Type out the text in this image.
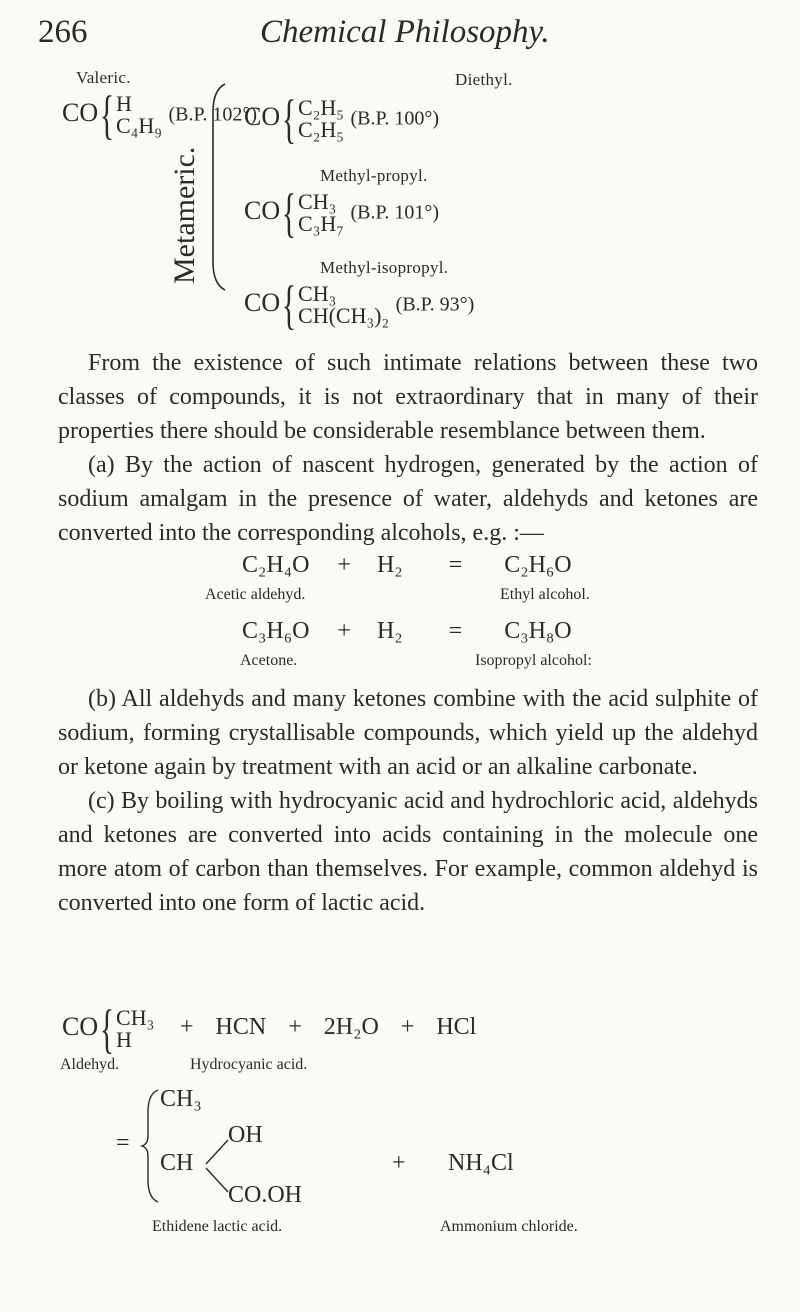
266	Chemical Philosophy.
Valeric.
CO{ H
C₄H₉ (B.P. 102°)
Metameric.
Diethyl.
CO{ C₂H₅
C₂H₅ (B.P. 100°)
Methyl-propyl.
CO{ CH₃
C₃H₇ (B.P. 101°)
Methyl-isopropyl.
CO{ CH₃
CH(CH₃)₂ (B.P. 93°)

From the existence of such intimate relations between these two classes of compounds, it is not extraordinary that in many of their properties there should be considerable resemblance between them.

(a) By the action of nascent hydrogen, generated by the action of sodium amalgam in the presence of water, aldehyds and ketones are converted into the corresponding alcohols, e.g. :—

C₂H₄O + H₂ = C₂H₆O
Acetic aldehyd.	Ethyl alcohol.
C₃H₆O + H₂ = C₃H₈O
Acetone.	Isopropyl alcohol:

(b) All aldehyds and many ketones combine with the acid sulphite of sodium, forming crystallisable compounds, which yield up the aldehyd or ketone again by treatment with an acid or an alkaline carbonate.

(c) By boiling with hydrocyanic acid and hydrochloric acid, aldehyds and ketones are converted into acids containing in the molecule one more atom of carbon than themselves. For example, common aldehyd is converted into one form of lactic acid.

CO{ CH₃
H	+ HCN + 2H₂O + HCl
Aldehyd.	Hydrocyanic acid.
=
CH₃
CH
OH
CO.OH
+ NH₄Cl
Ethidene lactic acid.	Ammonium chloride.
